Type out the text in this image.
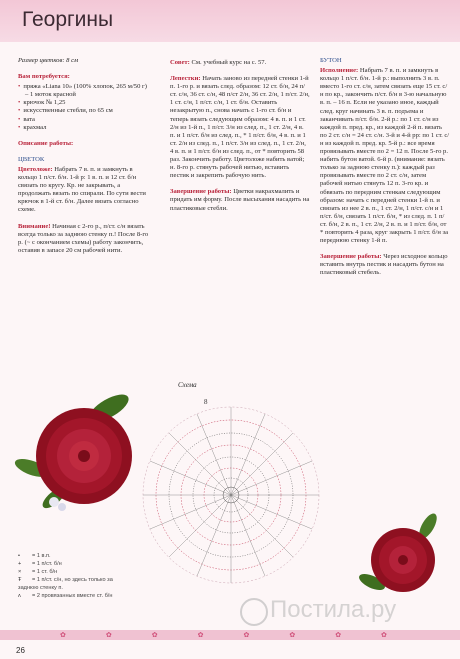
Георгины
Размер цветков: 8 см
Вам потребуется:
• пряжа «Liana 10» (100% хлопок, 265 м/50 г) – 1 моток красной
• крючок № 1,25
• искусственные стебли, по 65 см
• вата
• крахмал
Описание работы:
ЦВЕТОК

Цветоложе: Набрать 7 в. п. и замкнуть в кольцо 1 п/ст. б/н. 1-й р: 1 в. п. и 12 ст. б/н связать по кругу. Кр. не закрывать, а продолжать вязать по спирали. По сути вести крючок в 1-й ст. б/н. Далее вязать согласно схеме.

Внимание! Начиная с 2-го р., п/ст. с/н вязать всегда только за заднюю стенку п.! После 8-го р. (~ с окончанием схемы) работу закончить, оставив в запасе 20 см рабочей нити.

Совет: См. учебный курс на с. 57.

Лепестки: Начать заново из передней стенки 1-й п. 1-го р. и вязать след. образом: 12 ст. б/н, 24 п/ст. с/н, 36 ст. с/н, 48 п/ст 2/н, 36 ст. 2/н, 1 п/ст. 2/н, 1 ст. с/н, 1 п/ст. с/н, 1 ст. б/н. Оставить незакрытую п., снова начать с 1-го ст. б/н и теперь вязать следующим образом: 4 в. п. и 1 ст. 2/н из 1-й п., 1 п/ст. 3/н из след. п., 1 ст. 2/н, 4 в. п. и 1 п/ст. б/н из след. п., * 1 п/ст. б/н, 4 в. п. и 1 ст. 2/н из след. п., 1 п/ст. 3/н из след. п., 1 ст. 2/н, 4 в. п. и 1 п/ст. б/н из след. п., от * повторить 58 раз. Закончить работу. Цветоложе набить ватой; н. 8-го р. стянуть рабочей нитью, вставить пестик и закрепить рабочую нить.

Завершение работы: Цветки накрахмалить и придать им форму. После высыхания насадить на пластиковые стебли.

БУТОН

Исполнение: Набрать 7 в. п. и замкнуть в кольцо 1 п/ст. б/н. 1-й р.: выполнить 3 в. п. вместо 1-го ст. с/н, затем связать еще 15 ст. с/н по кр., закончить п/ст. б/н в 3-ю начальную в. п. – 16 п. Если не указано иное, каждый след. круг начинать 3 в. п. подъема и заканчивать п/ст. б/н. 2-й р.: по 1 ст. с/н из каждой п. пред. кр., из каждой 2-й п. вязать по 2 ст. с/н = 24 ст. с/н. 3-й и 4-й рр: по 1 ст. с/н из каждой п. пред. кр. 5-й р.: все время провязывать вместе по 2 = 12 п. После 5-го р. набить бутон ватой. 6-й р. (внимание: вязать только за заднюю стенку п.): каждый раз провязывать вместе по 2 ст. с/н, затем рабочей нитью стянуть 12 п. 3-го кр. и обвязать по передним стенкам следующим образом: начать с передней стенки 1-й п. и связать из нее 2 в. п., 1 ст. 2/н, 1 п/ст. с/н и 1 п/ст. б/н, связать 1 п/ст. б/н, * из след. п. 1 п/ст. б/н, 2 в. п., 1 ст. 2/н, 2 в. п. и 1 п/ст. б/н, от * повторить 4 раза, круг закрыть 1 п/ст. б/н за переднюю стенку 1-й п.

Завершение работы: Через исходное кольцо вставить внутрь пестик и насадить бутон на пластиковый стебель.

Схема
8
• = 1 в.п.
+ = 1 п/ст. б/н
× = 1 ст. б/н
Ŧ = 1 п/ст. с/н, но здесь только за заднюю стенку п.
ʌ = 2 провязанных вместе ст. б/н	Постила.ру
✿✿✿✿✿✿✿✿
26
